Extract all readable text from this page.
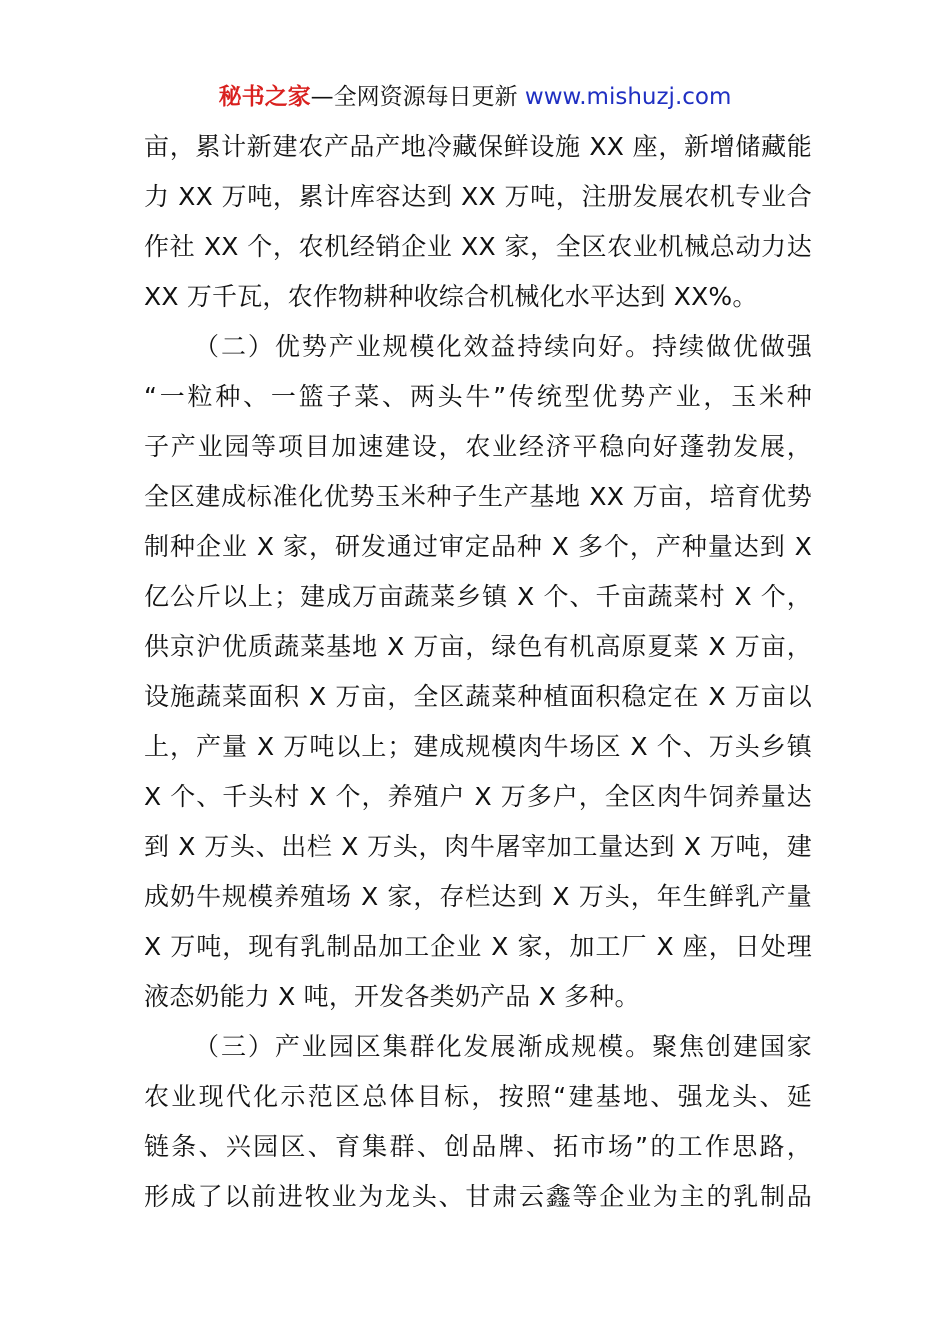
秘书之家—全网资源每日更新 www.mishuzj.com
亩，累计新建农产品产地冷藏保鲜设施 XX 座，新增储藏能
力 XX 万吨，累计库容达到 XX 万吨，注册发展农机专业合
作社 XX 个，农机经销企业 XX 家，全区农业机械总动力达
XX 万千瓦，农作物耕种收综合机械化水平达到 XX%。
（二）优势产业规模化效益持续向好。持续做优做强
“一粒种、一篮子菜、两头牛”传统型优势产业，玉米种
子产业园等项目加速建设，农业经济平稳向好蓬勃发展，
全区建成标准化优势玉米种子生产基地 XX 万亩，培育优势
制种企业 X 家，研发通过审定品种 X 多个，产种量达到 X
亿公斤以上；建成万亩蔬菜乡镇 X 个、千亩蔬菜村 X 个，
供京沪优质蔬菜基地 X 万亩，绿色有机高原夏菜 X 万亩，
设施蔬菜面积 X 万亩，全区蔬菜种植面积稳定在 X 万亩以
上，产量 X 万吨以上；建成规模肉牛场区 X 个、万头乡镇
X 个、千头村 X 个，养殖户 X 万多户，全区肉牛饲养量达
到 X 万头、出栏 X 万头，肉牛屠宰加工量达到 X 万吨，建
成奶牛规模养殖场 X 家，存栏达到 X 万头，年生鲜乳产量
X 万吨，现有乳制品加工企业 X 家，加工厂 X 座，日处理
液态奶能力 X 吨，开发各类奶产品 X 多种。
（三）产业园区集群化发展渐成规模。聚焦创建国家
农业现代化示范区总体目标，按照“建基地、强龙头、延
链条、兴园区、育集群、创品牌、拓市场”的工作思路，
形成了以前进牧业为龙头、甘肃云鑫等企业为主的乳制品
